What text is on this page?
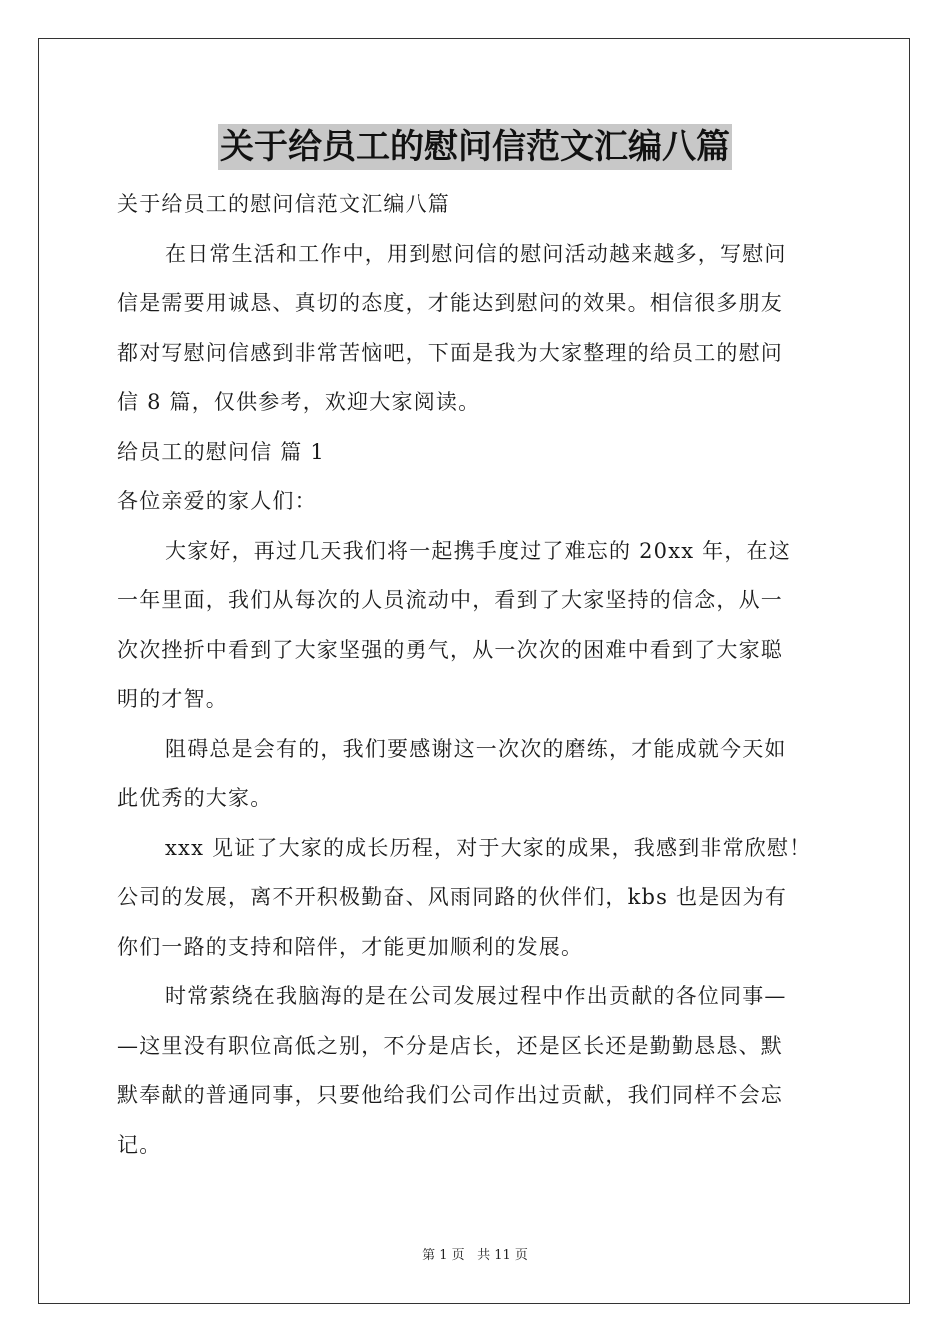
关于给员工的慰问信范文汇编八篇

关于给员工的慰问信范文汇编八篇

在日常生活和工作中，用到慰问信的慰问活动越来越多，写慰问

信是需要用诚恳、真切的态度，才能达到慰问的效果。相信很多朋友

都对写慰问信感到非常苦恼吧，下面是我为大家整理的给员工的慰问

信 8 篇，仅供参考，欢迎大家阅读。

给员工的慰问信 篇 1

各位亲爱的家人们：

大家好，再过几天我们将一起携手度过了难忘的 20xx 年，在这

一年里面，我们从每次的人员流动中，看到了大家坚持的信念，从一

次次挫折中看到了大家坚强的勇气，从一次次的困难中看到了大家聪

明的才智。

阻碍总是会有的，我们要感谢这一次次的磨练，才能成就今天如

此优秀的大家。

xxx 见证了大家的成长历程，对于大家的成果，我感到非常欣慰！

公司的发展，离不开积极勤奋、风雨同路的伙伴们，kbs 也是因为有

你们一路的支持和陪伴，才能更加顺利的发展。

时常萦绕在我脑海的是在公司发展过程中作出贡献的各位同事—

—这里没有职位高低之别，不分是店长，还是区长还是勤勤恳恳、默

默奉献的普通同事，只要他给我们公司作出过贡献，我们同样不会忘

记。

第 1 页 共 11 页
